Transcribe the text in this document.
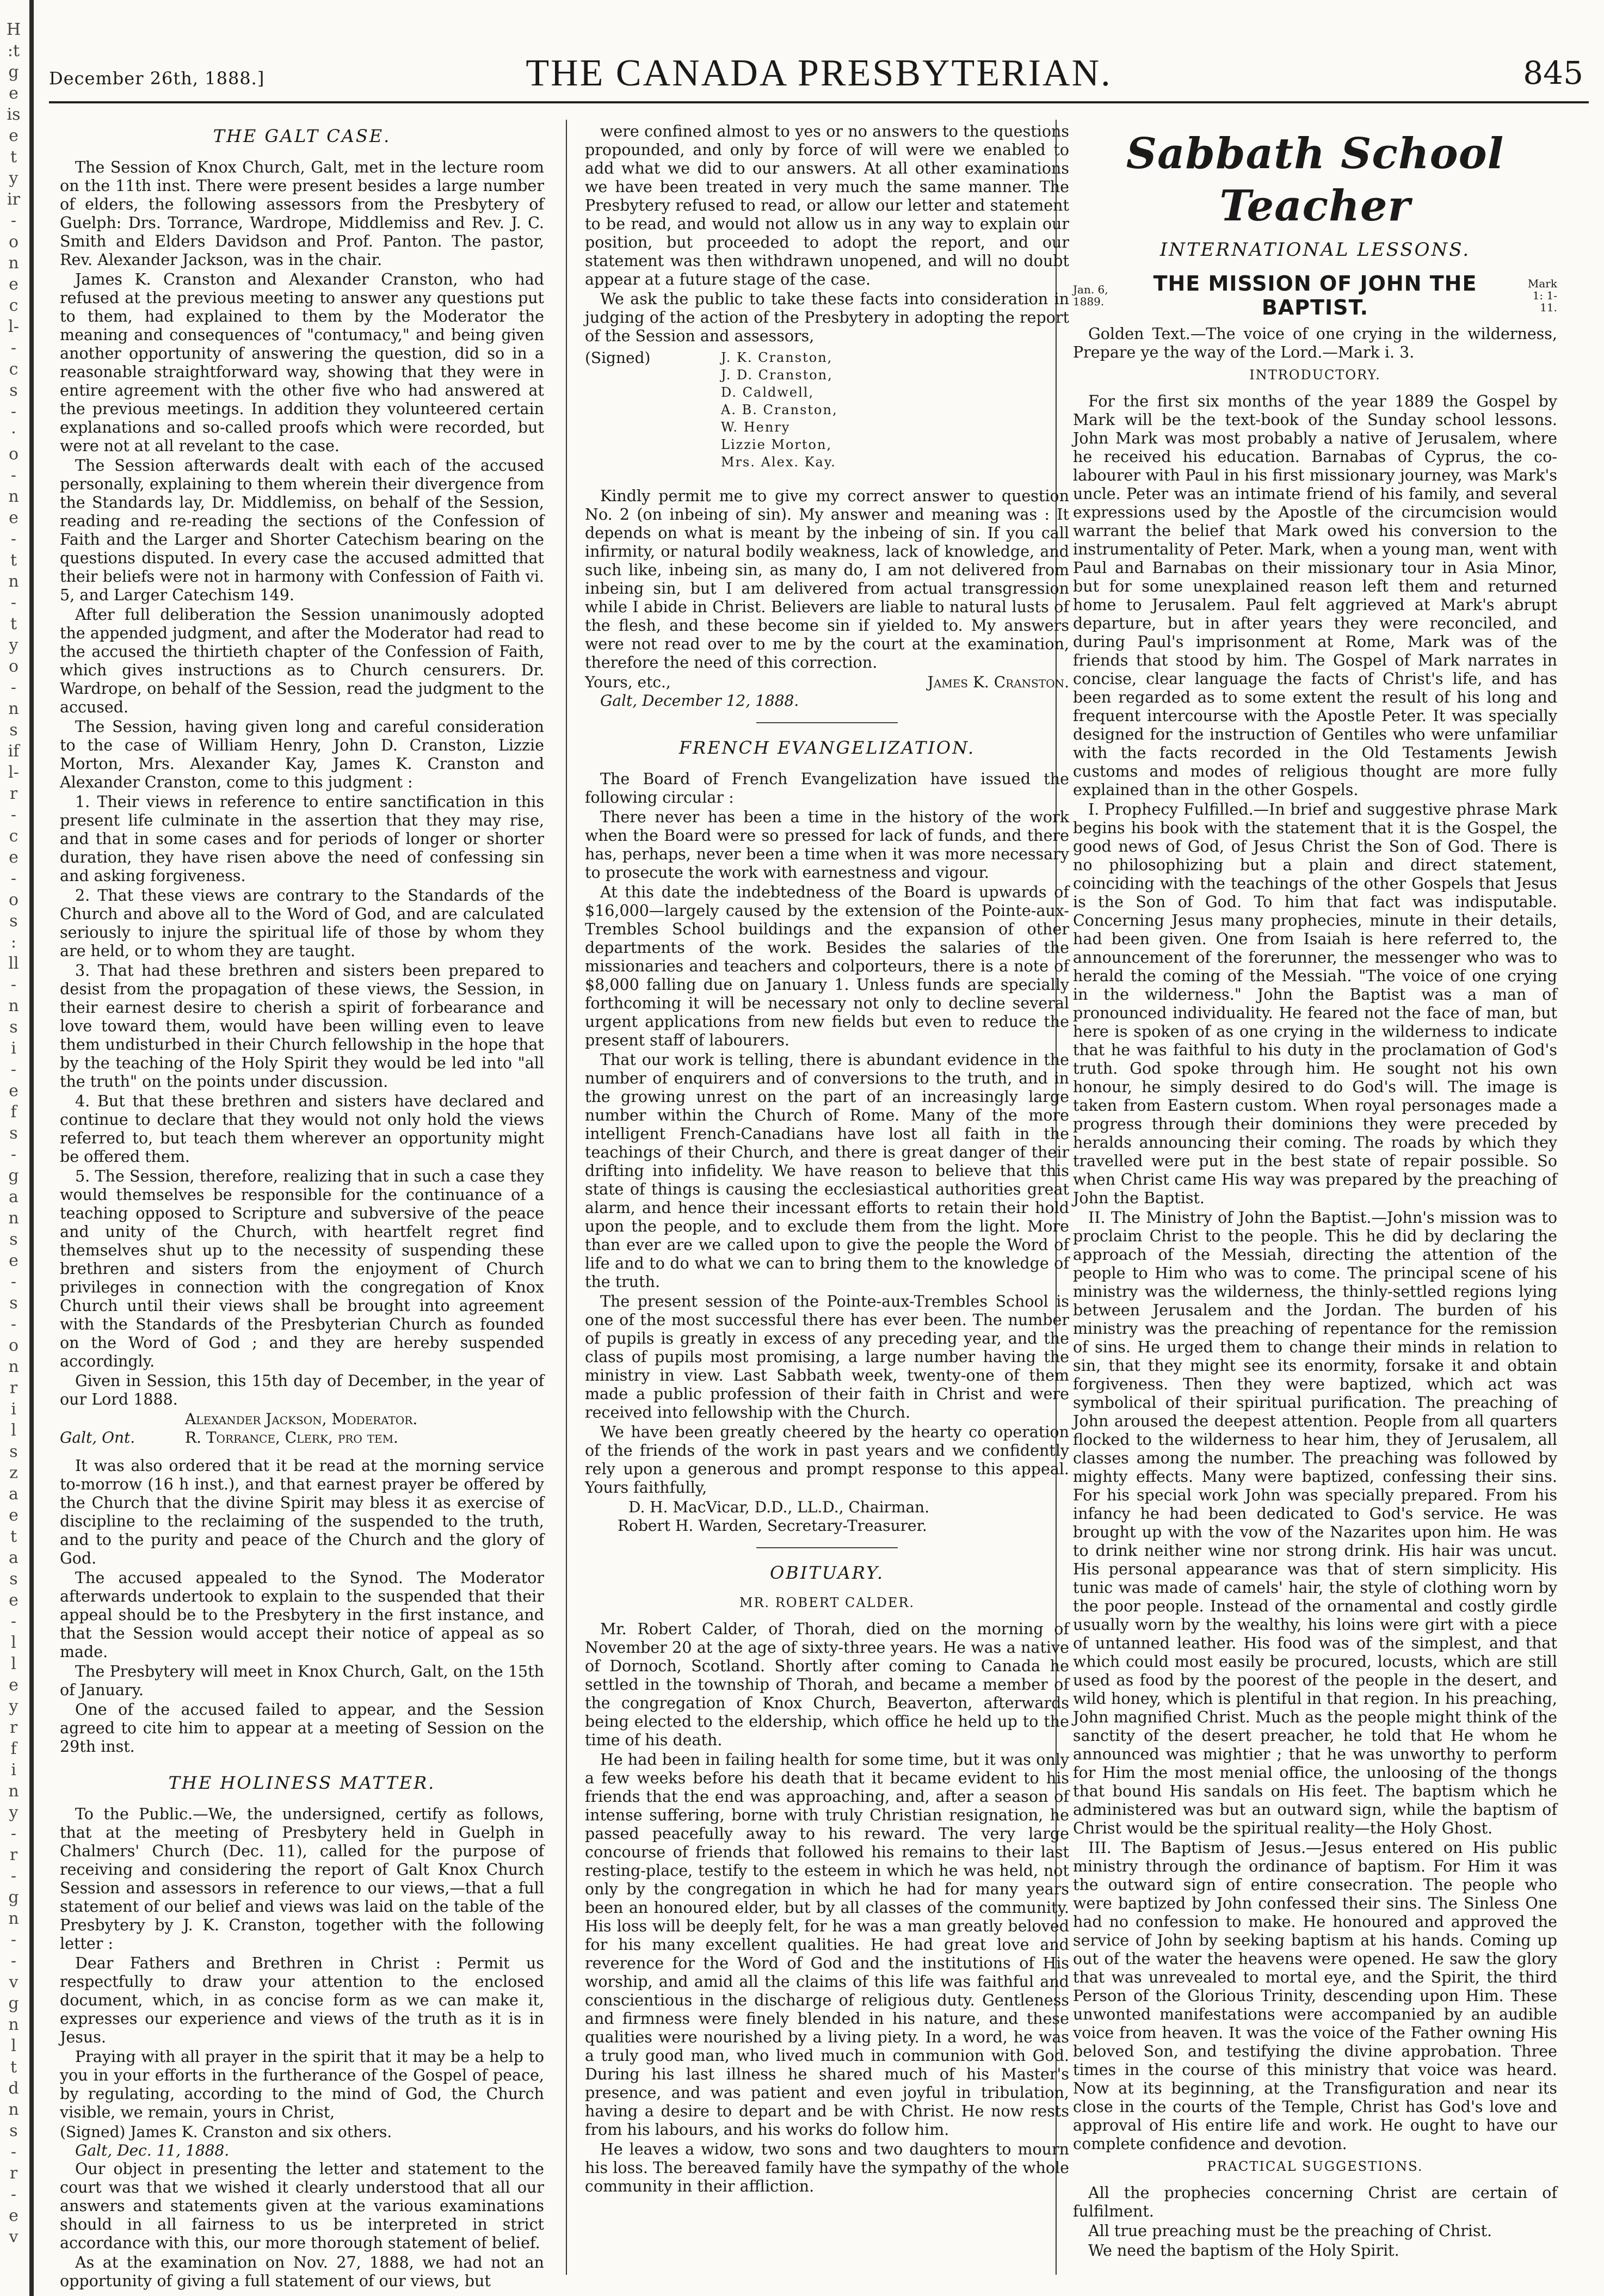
H
:t
g
e
is
e
t
y
ir
-
o
n
e
c
l-
-
c
s
-
·
o
-
n
e
-
t
n
-
t
y
o
-
n
s
if
l-
r
-
c
e
-
o
s
:
ll
-
n
s
i
-
e
f
s
-
g
a
n
s
e
-
s
-
o
n
r
i
l
s
z
a
e
t
a
s
e
-
l
l
e
y
r
f
i
n
y
-
r
-
g
n
-
-
v
g
n
l
t
d
n
s
-
r
-
e
v
December 26th, 1888.]	THE CANADA PRESBYTERIAN.	845
THE GALT CASE.

The Session of Knox Church, Galt, met in the lecture room on the 11th inst. There were present besides a large number of elders, the following assessors from the Presbytery of Guelph: Drs. Torrance, Wardrope, Middlemiss and Rev. J. C. Smith and Elders Davidson and Prof. Panton. The pastor, Rev. Alexander Jackson, was in the chair.

James K. Cranston and Alexander Cranston, who had refused at the previous meeting to answer any questions put to them, had explained to them by the Moderator the meaning and consequences of "contumacy," and being given another opportunity of answering the question, did so in a reasonable straightforward way, showing that they were in entire agreement with the other five who had answered at the previous meetings. In addition they volunteered certain explanations and so-called proofs which were recorded, but were not at all revelant to the case.

The Session afterwards dealt with each of the accused personally, explaining to them wherein their divergence from the Standards lay, Dr. Middlemiss, on behalf of the Session, reading and re-reading the sections of the Confession of Faith and the Larger and Shorter Catechism bearing on the questions disputed. In every case the accused admitted that their beliefs were not in harmony with Confession of Faith vi. 5, and Larger Catechism 149.

After full deliberation the Session unanimously adopted the appended judgment, and after the Moderator had read to the accused the thirtieth chapter of the Confession of Faith, which gives instructions as to Church censurers. Dr. Wardrope, on behalf of the Session, read the judgment to the accused.

The Session, having given long and careful consideration to the case of William Henry, John D. Cranston, Lizzie Morton, Mrs. Alexander Kay, James K. Cranston and Alexander Cranston, come to this judgment :

1. Their views in reference to entire sanctification in this present life culminate in the assertion that they may rise, and that in some cases and for periods of longer or shorter duration, they have risen above the need of confessing sin and asking forgiveness.

2. That these views are contrary to the Standards of the Church and above all to the Word of God, and are calculated seriously to injure the spiritual life of those by whom they are held, or to whom they are taught.

3. That had these brethren and sisters been prepared to desist from the propagation of these views, the Session, in their earnest desire to cherish a spirit of forbearance and love toward them, would have been willing even to leave them undisturbed in their Church fellowship in the hope that by the teaching of the Holy Spirit they would be led into "all the truth" on the points under discussion.

4. But that these brethren and sisters have declared and continue to declare that they would not only hold the views referred to, but teach them wherever an opportunity might be offered them.

5. The Session, therefore, realizing that in such a case they would themselves be responsible for the continuance of a teaching opposed to Scripture and subversive of the peace and unity of the Church, with heartfelt regret find themselves shut up to the necessity of suspending these brethren and sisters from the enjoyment of Church privileges in connection with the congregation of Knox Church until their views shall be brought into agreement with the Standards of the Presbyterian Church as founded on the Word of God ; and they are hereby suspended accordingly.

Given in Session, this 15th day of December, in the year of our Lord 1888.

Alexander Jackson, Moderator.
Galt, Ont.	R. Torrance, Clerk, pro tem.

It was also ordered that it be read at the morning service to-morrow (16 h inst.), and that earnest prayer be offered by the Church that the divine Spirit may bless it as exercise of discipline to the reclaiming of the suspended to the truth, and to the purity and peace of the Church and the glory of God.

The accused appealed to the Synod. The Moderator afterwards undertook to explain to the suspended that their appeal should be to the Presbytery in the first instance, and that the Session would accept their notice of appeal as so made.

The Presbytery will meet in Knox Church, Galt, on the 15th of January.

One of the accused failed to appear, and the Session agreed to cite him to appear at a meeting of Session on the 29th inst.

THE HOLINESS MATTER.

To the Public.—We, the undersigned, certify as follows, that at the meeting of Presbytery held in Guelph in Chalmers' Church (Dec. 11), called for the purpose of receiving and considering the report of Galt Knox Church Session and assessors in reference to our views,—that a full statement of our belief and views was laid on the table of the Presbytery by J. K. Cranston, together with the following letter :

Dear Fathers and Brethren in Christ : Permit us respectfully to draw your attention to the enclosed document, which, in as concise form as we can make it, expresses our experience and views of the truth as it is in Jesus.

Praying with all prayer in the spirit that it may be a help to you in your efforts in the furtherance of the Gospel of peace, by regulating, according to the mind of God, the Church visible, we remain, yours in Christ,

(Signed) James K. Cranston and six others.
Galt, Dec. 11, 1888.

Our object in presenting the letter and statement to the court was that we wished it clearly understood that all our answers and statements given at the various examinations should in all fairness to us be interpreted in strict accordance with this, our more thorough statement of belief.

As at the examination on Nov. 27, 1888, we had not an opportunity of giving a full statement of our views, but

were confined almost to yes or no answers to the questions propounded, and only by force of will were we enabled to add what we did to our answers. At all other examinations we have been treated in very much the same manner. The Presbytery refused to read, or allow our letter and statement to be read, and would not allow us in any way to explain our position, but proceeded to adopt the report, and our statement was then withdrawn unopened, and will no doubt appear at a future stage of the case.

We ask the public to take these facts into consideration in judging of the action of the Presbytery in adopting the report of the Session and assessors,

(Signed)	J. K. Cranston,
J. D. Cranston,
D. Caldwell,
A. B. Cranston,
W. Henry
Lizzie Morton,
Mrs. Alex. Kay.

Kindly permit me to give my correct answer to question No. 2 (on inbeing of sin). My answer and meaning was : It depends on what is meant by the inbeing of sin. If you call infirmity, or natural bodily weakness, lack of knowledge, and such like, inbeing sin, as many do, I am not delivered from inbeing sin, but I am delivered from actual transgression while I abide in Christ. Believers are liable to natural lusts of the flesh, and these become sin if yielded to. My answers were not read over to me by the court at the examination, therefore the need of this correction.

Yours, etc.,	James K. Cranston.
Galt, December 12, 1888.
FRENCH EVANGELIZATION.

The Board of French Evangelization have issued the following circular :

There never has been a time in the history of the work when the Board were so pressed for lack of funds, and there has, perhaps, never been a time when it was more necessary to prosecute the work with earnestness and vigour.

At this date the indebtedness of the Board is upwards of $16,000—largely caused by the extension of the Pointe-aux-Trembles School buildings and the expansion of other departments of the work. Besides the salaries of the missionaries and teachers and colporteurs, there is a note of $8,000 falling due on January 1. Unless funds are specially forthcoming it will be necessary not only to decline several urgent applications from new fields but even to reduce the present staff of labourers.

That our work is telling, there is abundant evidence in the number of enquirers and of conversions to the truth, and in the growing unrest on the part of an increasingly large number within the Church of Rome. Many of the more intelligent French-Canadians have lost all faith in the teachings of their Church, and there is great danger of their drifting into infidelity. We have reason to believe that this state of things is causing the ecclesiastical authorities great alarm, and hence their incessant efforts to retain their hold upon the people, and to exclude them from the light. More than ever are we called upon to give the people the Word of life and to do what we can to bring them to the knowledge of the truth.

The present session of the Pointe-aux-Trembles School is one of the most successful there has ever been. The number of pupils is greatly in excess of any preceding year, and the class of pupils most promising, a large number having the ministry in view. Last Sabbath week, twenty-one of them made a public profession of their faith in Christ and were received into fellowship with the Church.

We have been greatly cheered by the hearty co operation of the friends of the work in past years and we confidently rely upon a generous and prompt response to this appeal. Yours faithfully,

D. H. MacVicar, D.D., LL.D., Chairman.
Robert H. Warden, Secretary-Treasurer.
OBITUARY.
MR. ROBERT CALDER.

Mr. Robert Calder, of Thorah, died on the morning of November 20 at the age of sixty-three years. He was a native of Dornoch, Scotland. Shortly after coming to Canada he settled in the township of Thorah, and became a member of the congregation of Knox Church, Beaverton, afterwards being elected to the eldership, which office he held up to the time of his death.

He had been in failing health for some time, but it was only a few weeks before his death that it became evident to his friends that the end was approaching, and, after a season of intense suffering, borne with truly Christian resignation, he passed peacefully away to his reward. The very large concourse of friends that followed his remains to their last resting-place, testify to the esteem in which he was held, not only by the congregation in which he had for many years been an honoured elder, but by all classes of the community. His loss will be deeply felt, for he was a man greatly beloved for his many excellent qualities. He had great love and reverence for the Word of God and the institutions of His worship, and amid all the claims of this life was faithful and conscientious in the discharge of religious duty. Gentleness and firmness were finely blended in his nature, and these qualities were nourished by a living piety. In a word, he was a truly good man, who lived much in communion with God. During his last illness he shared much of his Master's presence, and was patient and even joyful in tribulation, having a desire to depart and be with Christ. He now rests from his labours, and his works do follow him.

He leaves a widow, two sons and two daughters to mourn his loss. The bereaved family have the sympathy of the whole community in their affliction.

Sabbath School Teacher
INTERNATIONAL LESSONS.
Jan. 6, 1889.
THE MISSION OF JOHN THE BAPTIST.
Mark 1: 1-11.

Golden Text.—The voice of one crying in the wilderness, Prepare ye the way of the Lord.—Mark i. 3.

INTRODUCTORY.

For the first six months of the year 1889 the Gospel by Mark will be the text-book of the Sunday school lessons. John Mark was most probably a native of Jerusalem, where he received his education. Barnabas of Cyprus, the co-labourer with Paul in his first missionary journey, was Mark's uncle. Peter was an intimate friend of his family, and several expressions used by the Apostle of the circumcision would warrant the belief that Mark owed his conversion to the instrumentality of Peter. Mark, when a young man, went with Paul and Barnabas on their missionary tour in Asia Minor, but for some unexplained reason left them and returned home to Jerusalem. Paul felt aggrieved at Mark's abrupt departure, but in after years they were reconciled, and during Paul's imprisonment at Rome, Mark was of the friends that stood by him. The Gospel of Mark narrates in concise, clear language the facts of Christ's life, and has been regarded as to some extent the result of his long and frequent intercourse with the Apostle Peter. It was specially designed for the instruction of Gentiles who were unfamiliar with the facts recorded in the Old Testaments Jewish customs and modes of religious thought are more fully explained than in the other Gospels.

I. Prophecy Fulfilled.—In brief and suggestive phrase Mark begins his book with the statement that it is the Gospel, the good news of God, of Jesus Christ the Son of God. There is no philosophizing but a plain and direct statement, coinciding with the teachings of the other Gospels that Jesus is the Son of God. To him that fact was indisputable. Concerning Jesus many prophecies, minute in their details, had been given. One from Isaiah is here referred to, the announcement of the forerunner, the messenger who was to herald the coming of the Messiah. "The voice of one crying in the wilderness." John the Baptist was a man of pronounced individuality. He feared not the face of man, but here is spoken of as one crying in the wilderness to indicate that he was faithful to his duty in the proclamation of God's truth. God spoke through him. He sought not his own honour, he simply desired to do God's will. The image is taken from Eastern custom. When royal personages made a progress through their dominions they were preceded by heralds announcing their coming. The roads by which they travelled were put in the best state of repair possible. So when Christ came His way was prepared by the preaching of John the Baptist.

II. The Ministry of John the Baptist.—John's mission was to proclaim Christ to the people. This he did by declaring the approach of the Messiah, directing the attention of the people to Him who was to come. The principal scene of his ministry was the wilderness, the thinly-settled regions lying between Jerusalem and the Jordan. The burden of his ministry was the preaching of repentance for the remission of sins. He urged them to change their minds in relation to sin, that they might see its enormity, forsake it and obtain forgiveness. Then they were baptized, which act was symbolical of their spiritual purification. The preaching of John aroused the deepest attention. People from all quarters flocked to the wilderness to hear him, they of Jerusalem, all classes among the number. The preaching was followed by mighty effects. Many were baptized, confessing their sins. For his special work John was specially prepared. From his infancy he had been dedicated to God's service. He was brought up with the vow of the Nazarites upon him. He was to drink neither wine nor strong drink. His hair was uncut. His personal appearance was that of stern simplicity. His tunic was made of camels' hair, the style of clothing worn by the poor people. Instead of the ornamental and costly girdle usually worn by the wealthy, his loins were girt with a piece of untanned leather. His food was of the simplest, and that which could most easily be procured, locusts, which are still used as food by the poorest of the people in the desert, and wild honey, which is plentiful in that region. In his preaching, John magnified Christ. Much as the people might think of the sanctity of the desert preacher, he told that He whom he announced was mightier ; that he was unworthy to perform for Him the most menial office, the unloosing of the thongs that bound His sandals on His feet. The baptism which he administered was but an outward sign, while the baptism of Christ would be the spiritual reality—the Holy Ghost.

III. The Baptism of Jesus.—Jesus entered on His public ministry through the ordinance of baptism. For Him it was the outward sign of entire consecration. The people who were baptized by John confessed their sins. The Sinless One had no confession to make. He honoured and approved the service of John by seeking baptism at his hands. Coming up out of the water the heavens were opened. He saw the glory that was unrevealed to mortal eye, and the Spirit, the third Person of the Glorious Trinity, descending upon Him. These unwonted manifestations were accompanied by an audible voice from heaven. It was the voice of the Father owning His beloved Son, and testifying the divine approbation. Three times in the course of this ministry that voice was heard. Now at its beginning, at the Transfiguration and near its close in the courts of the Temple, Christ has God's love and approval of His entire life and work. He ought to have our complete confidence and devotion.

PRACTICAL SUGGESTIONS.

All the prophecies concerning Christ are certain of fulfilment.

All true preaching must be the preaching of Christ.

We need the baptism of the Holy Spirit.
